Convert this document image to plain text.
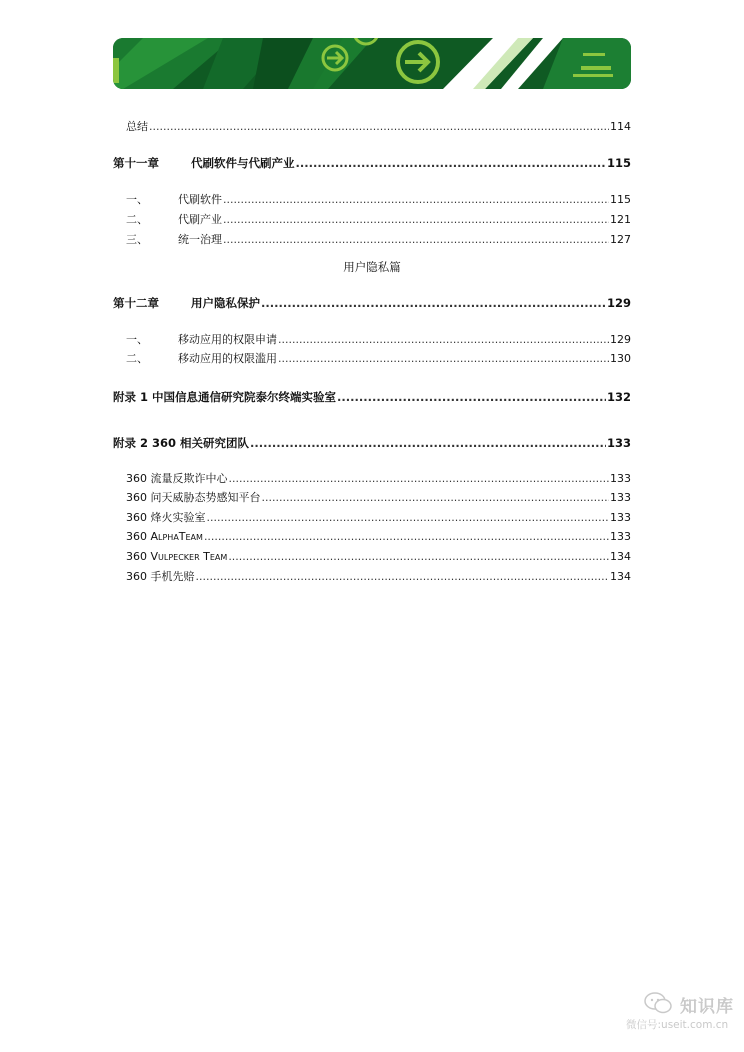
总结 .....	114
第十一章	代刷软件与代刷产业 .....	115
一、	代刷软件 .....	115
二、	代刷产业 .....	121
三、	统一治理 .....	127
用户隐私篇
第十二章	用户隐私保护 .....	129
一、	移动应用的权限申请 .....	129
二、	移动应用的权限滥用 .....	130
附录 1 中国信息通信研究院泰尔终端实验室 .....	132
附录 2 360 相关研究团队 .....	133
360 流量反欺诈中心 .....	133
360 问天威胁态势感知平台 .....	133
360 烽火实验室 .....	133
360 AlphaTeam .....	133
360 Vulpecker Team .....	134
360 手机先赔 .....	134
知识库
微信号:useit.com.cn
